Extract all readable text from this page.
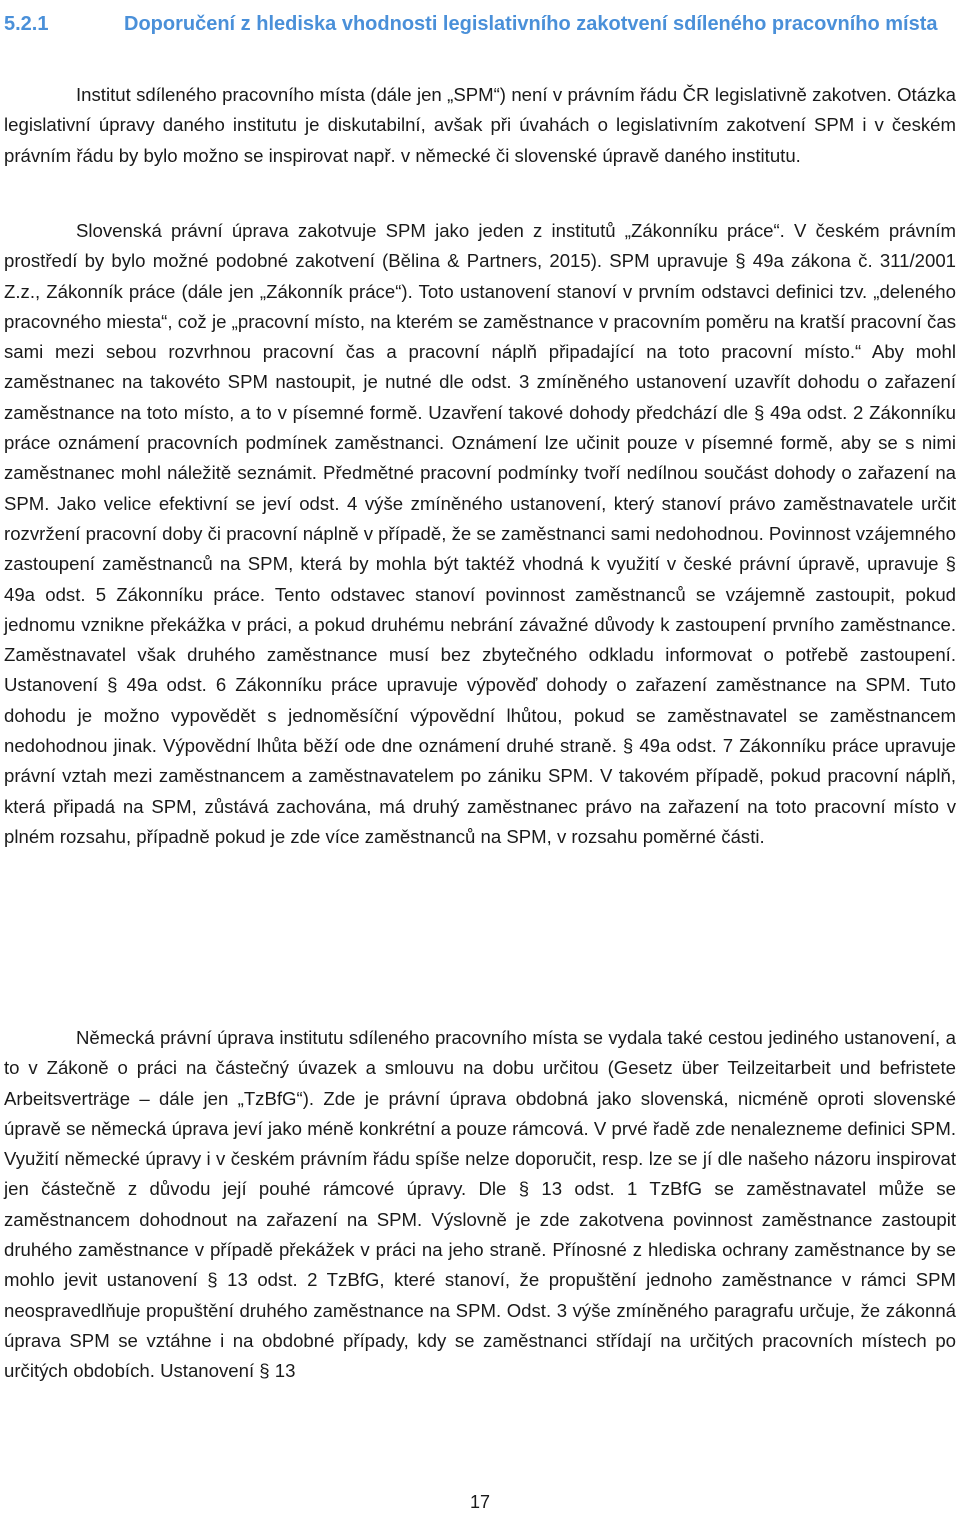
5.2.1	Doporučení z hlediska vhodnosti legislativního zakotvení sdíleného pracovního místa

Institut sdíleného pracovního místa (dále jen „SPM“) není v právním řádu ČR legislativně zakotven. Otázka legislativní úpravy daného institutu je diskutabilní, avšak při úvahách o legislativním zakotvení SPM i v českém právním řádu by bylo možno se inspirovat např. v německé či slovenské úpravě daného institutu.

Slovenská právní úprava zakotvuje SPM jako jeden z institutů „Zákonníku práce“. V českém právním prostředí by bylo možné podobné zakotvení (Bělina & Partners, 2015). SPM upravuje § 49a zákona č. 311/2001 Z.z., Zákonník práce (dále jen „Zákonník práce“). Toto ustanovení stanoví v prvním odstavci definici tzv. „deleného pracovného miesta“, což je „pracovní místo, na kterém se zaměstnance v pracovním poměru na kratší pracovní čas sami mezi sebou rozvrhnou pracovní čas a pracovní náplň připadající na toto pracovní místo.“ Aby mohl zaměstnanec na takovéto SPM nastoupit, je nutné dle odst. 3 zmíněného ustanovení uzavřít dohodu o zařazení zaměstnance na toto místo, a to v písemné formě. Uzavření takové dohody předchází dle § 49a odst. 2 Zákonníku práce oznámení pracovních podmínek zaměstnanci. Oznámení lze učinit pouze v písemné formě, aby se s nimi zaměstnanec mohl náležitě seznámit. Předmětné pracovní podmínky tvoří nedílnou součást dohody o zařazení na SPM. Jako velice efektivní se jeví odst. 4 výše zmíněného ustanovení, který stanoví právo zaměstnavatele určit rozvržení pracovní doby či pracovní náplně v případě, že se zaměstnanci sami nedohodnou. Povinnost vzájemného zastoupení zaměstnanců na SPM, která by mohla být taktéž vhodná k využití v české právní úpravě, upravuje § 49a odst. 5 Zákonníku práce. Tento odstavec stanoví povinnost zaměstnanců se vzájemně zastoupit, pokud jednomu vznikne překážka v práci, a pokud druhému nebrání závažné důvody k zastoupení prvního zaměstnance. Zaměstnavatel však druhého zaměstnance musí bez zbytečného odkladu informovat o potřebě zastoupení. Ustanovení § 49a odst. 6 Zákonníku práce upravuje výpověď dohody o zařazení zaměstnance na SPM. Tuto dohodu je možno vypovědět s jednoměsíční výpovědní lhůtou, pokud se zaměstnavatel se zaměstnancem nedohodnou jinak. Výpovědní lhůta běží ode dne oznámení druhé straně. § 49a odst. 7 Zákonníku práce upravuje právní vztah mezi zaměstnancem a zaměstnavatelem po zániku SPM. V takovém případě, pokud pracovní náplň, která připadá na SPM, zůstává zachována, má druhý zaměstnanec právo na zařazení na toto pracovní místo v plném rozsahu, případně pokud je zde více zaměstnanců na SPM, v rozsahu poměrné části.

Německá právní úprava institutu sdíleného pracovního místa se vydala také cestou jediného ustanovení, a to v Zákoně o práci na částečný úvazek a smlouvu na dobu určitou (Gesetz über Teilzeitarbeit und befristete Arbeitsverträge – dále jen „TzBfG“). Zde je právní úprava obdobná jako slovenská, nicméně oproti slovenské úpravě se německá úprava jeví jako méně konkrétní a pouze rámcová. V prvé řadě zde nenalezneme definici SPM. Využití německé úpravy i v českém právním řádu spíše nelze doporučit, resp. lze se jí dle našeho názoru inspirovat jen částečně z důvodu její pouhé rámcové úpravy. Dle § 13 odst. 1 TzBfG se zaměstnavatel může se zaměstnancem dohodnout na zařazení na SPM. Výslovně je zde zakotvena povinnost zaměstnance zastoupit druhého zaměstnance v případě překážek v práci na jeho straně. Přínosné z hlediska ochrany zaměstnance by se mohlo jevit ustanovení § 13 odst. 2 TzBfG, které stanoví, že propuštění jednoho zaměstnance v rámci SPM neospravedlňuje propuštění druhého zaměstnance na SPM. Odst. 3 výše zmíněného paragrafu určuje, že zákonná úprava SPM se vztáhne i na obdobné případy, kdy se zaměstnanci střídají na určitých pracovních místech po určitých obdobích. Ustanovení § 13

17
